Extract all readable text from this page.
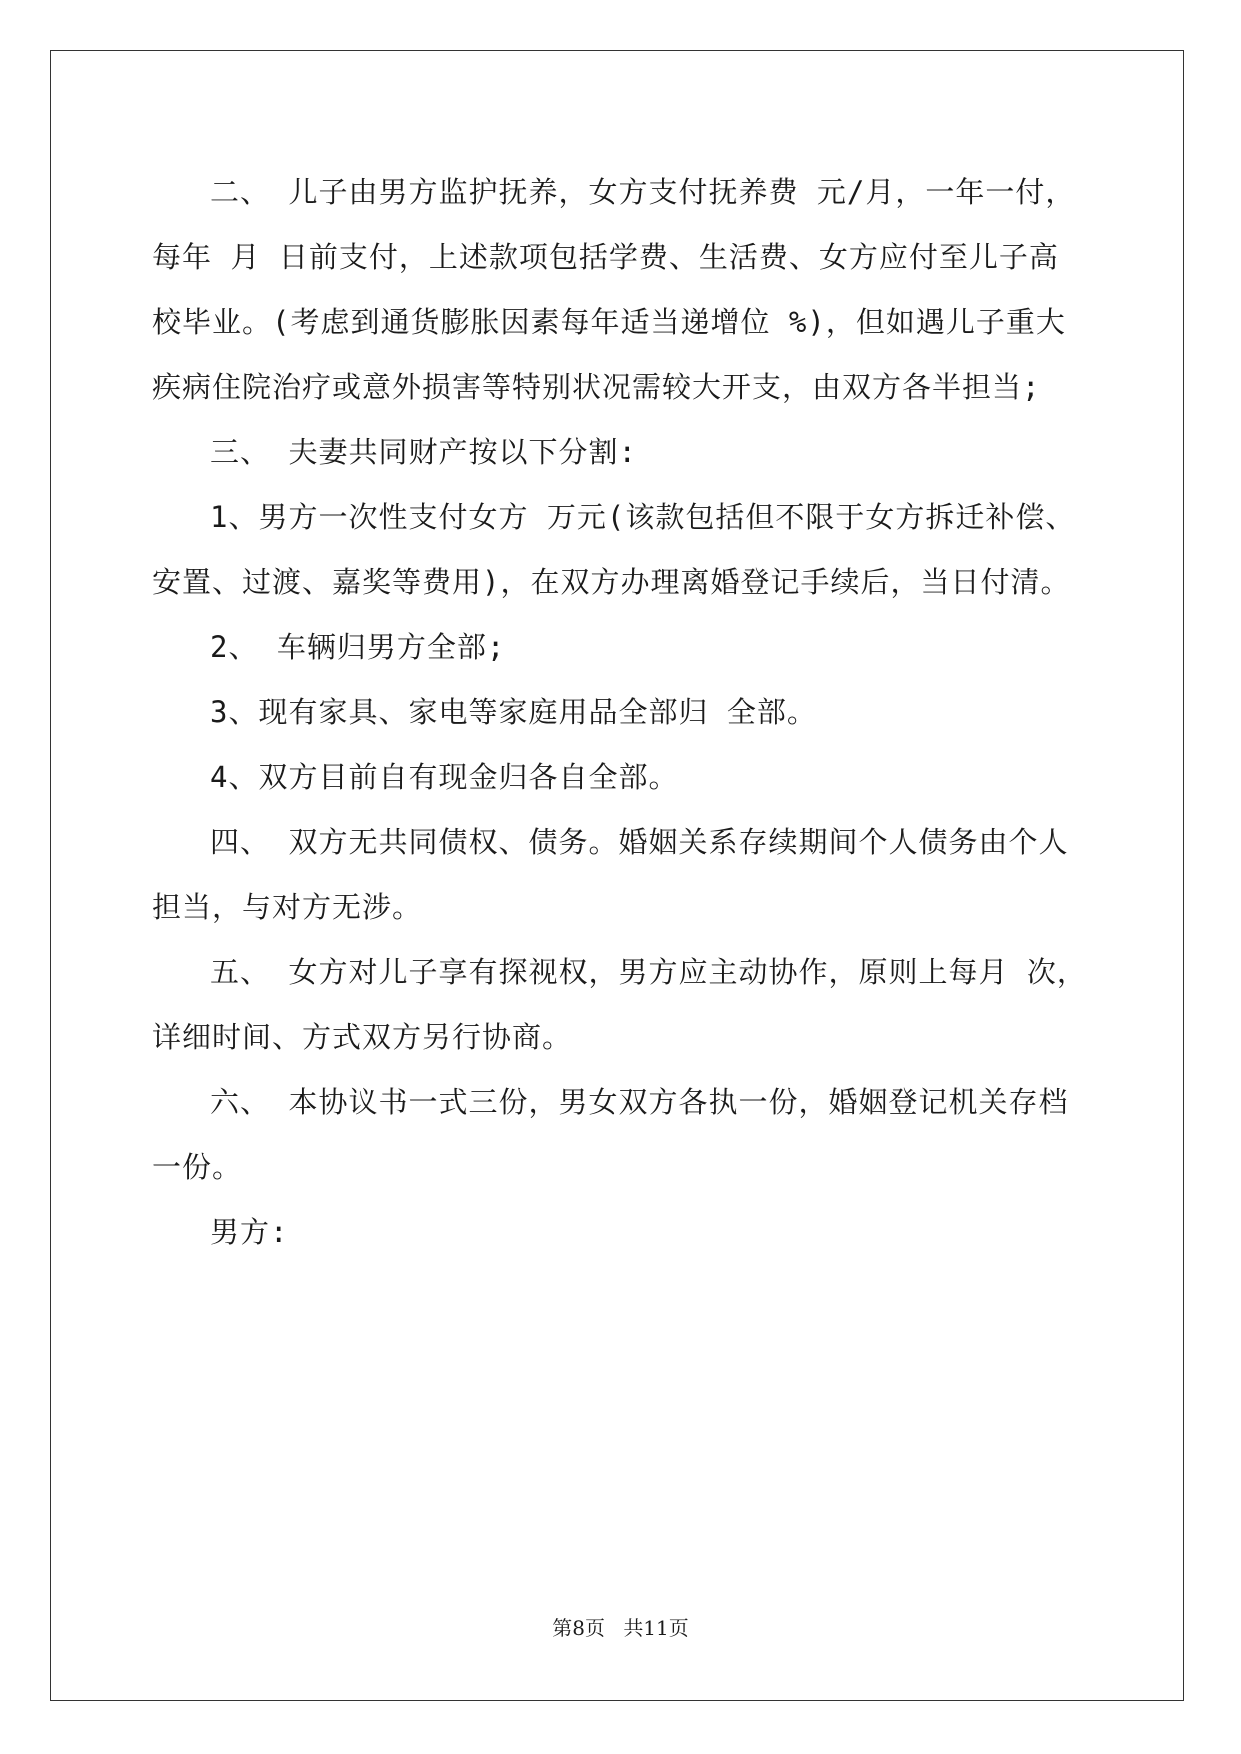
二、 儿子由男方监护抚养，女方支付抚养费 元/月，一年一付，
每年 月 日前支付，上述款项包括学费、生活费、女方应付至儿子高
校毕业。(考虑到通货膨胀因素每年适当递增位 %)，但如遇儿子重大
疾病住院治疗或意外损害等特别状况需较大开支，由双方各半担当;
三、 夫妻共同财产按以下分割:
1、男方一次性支付女方 万元(该款包括但不限于女方拆迁补偿、
安置、过渡、嘉奖等费用)，在双方办理离婚登记手续后，当日付清。
2、 车辆归男方全部;
3、现有家具、家电等家庭用品全部归 全部。
4、双方目前自有现金归各自全部。
四、 双方无共同债权、债务。婚姻关系存续期间个人债务由个人
担当，与对方无涉。
五、 女方对儿子享有探视权，男方应主动协作，原则上每月 次，
详细时间、方式双方另行协商。
六、 本协议书一式三份，男女双方各执一份，婚姻登记机关存档
一份。
男方:
第8页 共11页
